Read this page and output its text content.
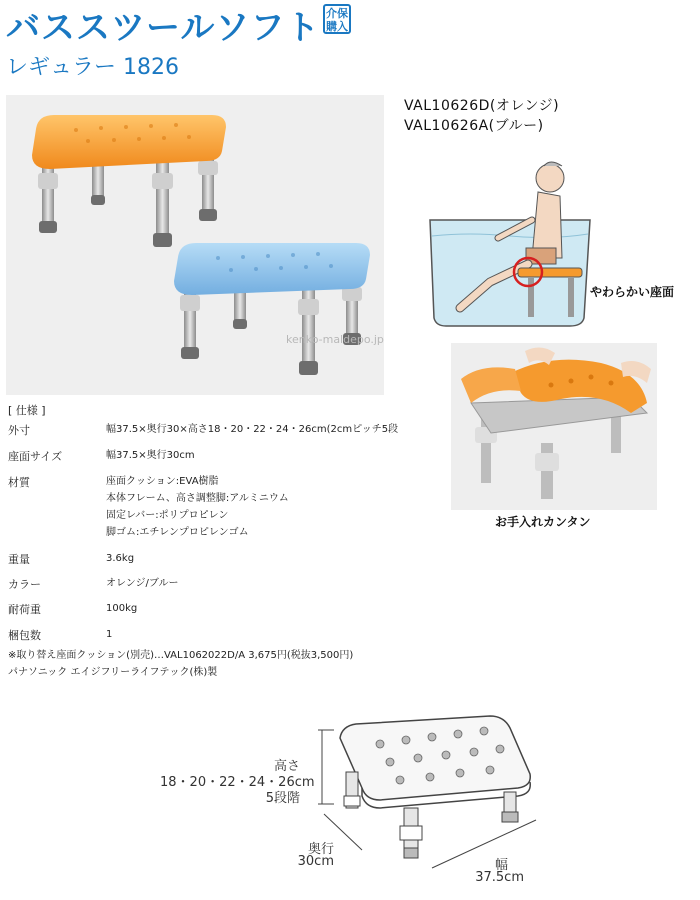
バススツールソフト 介保
購入
レギュラー 1826
kenko-maldepo.jp
VAL10626D(オレンジ)
VAL10626A(ブルー)
やわらかい座面
お手入れカンタン
[ 仕様 ]
外寸	幅37.5×奥行30×高さ18・20・22・24・26cm(2cmピッチ5段
座面サイズ	幅37.5×奥行30cm
材質	座面クッション:EVA樹脂
本体フレーム、高さ調整脚:アルミニウム
固定レバー:ポリプロピレン
脚ゴム:エチレンプロピレンゴム
重量	3.6kg
カラー	オレンジ/ブルー
耐荷重	100kg
梱包数	1
※取り替え座面クッション(別売)…VAL1062022D/A 3,675円(税抜3,500円)
パナソニック エイジフリーライフテック(株)製
高さ
18・20・22・24・26cm
5段階
奥行
30cm	幅
37.5cm
